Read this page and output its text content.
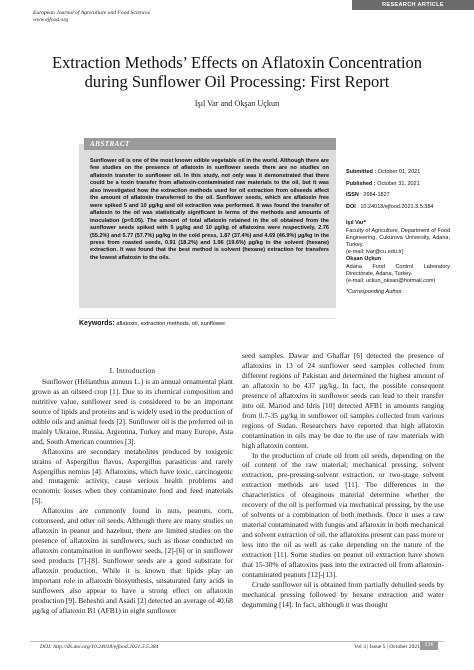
European Journal of Agriculture and Food Sciences
www.ejfood.org
RESEARCH ARTICLE
Extraction Methods’ Effects on Aflatoxin Concentration during Sunflower Oil Processing: First Report
Işıl Var and Okşan Uçkun
ABSTRACT
Sunflower oil is one of the most known edible vegetable oil in the world. Although there are few studies on the presence of aflatoxin in sunflower seeds there are no studies on aflatoxin transfer to sunflower oil. In this study, not only was it demonstrated that there could be a toxin transfer from aflatoxin-contaminated raw materials to the oil, but it was also investigated how the extraction methods used for oil extraction from oilseeds affect the amount of aflatoxin transferred to the oil. Sunflower seeds, which are aflatoxin free were spiked 5 and 10 µg/kg and oil extraction was performed. It was found the transfer of aflatoxin to the oil was statistically significant in terms of the methods and amounts of inoculation (p<0.05). The amount of total aflatoxin retained in the oil obtained from the sunflower seeds spiked with 5 µg/kg and 10 µg/kg of aflatoxins were respectively, 2.76 (55.2%) and 5.77 (57.7%) µg/kg in the cold press, 1.87 (37.4%) and 4.69 (46.9%) µg/kg in the press from roasted seeds, 0.91 (18.2%) and 1.96 (19.6%) µg/kg in the solvent (hexane) extraction. It was found that the best method is solvent (hexane) extraction for transfers the lowest aflatoxin to the oils.
Submitted : October 01, 2021
Published : October 31, 2021
ISSN : 2684-1827
DOI : 10.24018/ejfood.2021.3.5.384

Işıl Var*

Faculty of Agriculture, Department of Food Engineering, Cukurova University, Adana, Turkey.

(e-mail: ivar@cu.edu.tr)

Okşan Uçkun

Adana Food Control Laboratory Directorate, Adana, Turkey.

(e-mail: uckun_oksan@hotmail.com)

*Corresponding Author

Keywords: aflatoxin, extraction methods, oil, sunflower.

I. Introduction

Sunflower (Helianthus annuus L.) is an annual ornamental plant grown as an oilseed crop [1]. Due to its chemical composition and nutritive value, sunflower seed is considered to be an important source of lipids and proteins and is widely used in the production of edible oils and animal feeds [2]. Sunflower oil is the preferred oil in mainly Ukraine, Russia, Argentina, Turkey and many Europe, Asia and, South American countries [3].

Aflatoxins are secondary metabolites produced by toxigenic strains of Aspergillus flavus, Aspergillus parasiticus and rarely Aspergillus nomius [4]. Aflatoxins, which have toxic, carcinogenic and mutagenic activity, cause serious health problems and economic losses when they contaminate food and feed materials [5].

Aflatoxins are commonly found in nuts, peanuts, corn, cottonseed, and other oil seeds. Although there are many studies on aflatoxin in peanut and hazelnut, there are limited studies on the presence of aflatoxins in sunflowers, such as those conducted on aflatoxin contamination in sunflower seeds, [2]-[6] or in sunflower seed products [7]-[8]. Sunflower seeds are a good substrate for aflatoxin production. While it is known that lipids play an important role in aflatoxin biosynthesis, unsaturated fatty acids in sunflowers also appear to have a strong effect on aflatoxin production [9]. Beheshti and Asadi [2] detected an average of 40.68 µg/kg of aflatoxin B1 (AFB1) in eight sunflower

seed samples. Dawar and Ghaffar [6] detected the presence of aflatoxins in 13 of 24 sunflower seed samples collected from different regions of Pakistan and determined the highest amount of an aflatoxin to be 437 µg/kg. In fact, the possible consequent presence of aflatoxins in sunflower seeds can lead to their transfer into oil. Mariod and Idris [10] detected AFB1 in amounts ranging from 0.7-35 µg/kg in sunflower oil samples collected from various regions of Sudan. Researchers have reported that high aflatoxin contamination in oils may be due to the use of raw materials with high aflatoxin content.

In the production of crude oil from oil seeds, depending on the oil content of the raw material; mechanical pressing, solvent extraction, pre-pressing-solvent extraction, or two-stage solvent extraction methods are used [11]. The differences in the characteristics of oleaginous material determine whether the recovery of the oil is performed via mechanical pressing, by the use of solvents or a combination of both methods. Once it uses a raw material contaminated with fungus and aflatoxin in both mechanical and solvent extraction of oil, the aflatoxins present can pass more or less into the oil as well as cake depending on the nature of the extraction [11]. Some studies on peanut oil extraction have shown that 15-30% of aflatoxins pass into the extracted oil from aflatoxin-contaminated peanuts [12]-[13].

Crude sunflower oil is obtained from partially dehulled seeds by mechanical pressing followed by hexane extraction and water degumming [14]. In fact, although it was thought

DOI: http://dx.doi.org/10.24018/ejfood.2021.3.5.384	Vol 3 | Issue 5 | October 2021 136
